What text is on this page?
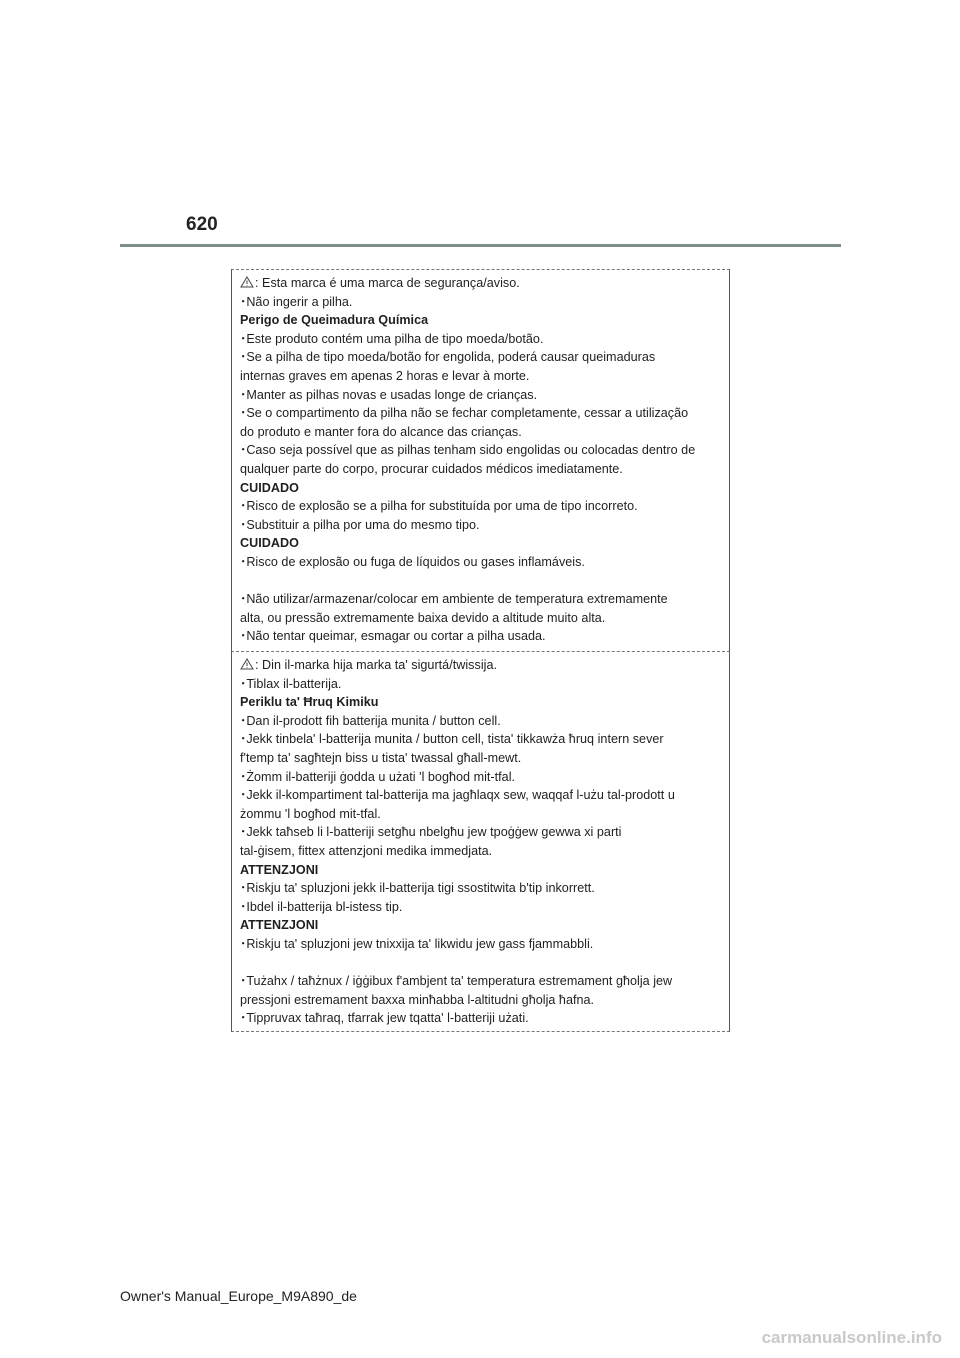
620
: Esta marca é uma marca de segurança/aviso.
･Não ingerir a pilha.
Perigo de Queimadura Química
･Este produto contém uma pilha de tipo moeda/botão.
･Se a pilha de tipo moeda/botão for engolida, poderá causar queimaduras
internas graves em apenas 2 horas e levar à morte.
･Manter as pilhas novas e usadas longe de crianças.
･Se o compartimento da pilha não se fechar completamente, cessar a utilização
do produto e manter fora do alcance das crianças.
･Caso seja possível que as pilhas tenham sido engolidas ou colocadas dentro de
qualquer parte do corpo, procurar cuidados médicos imediatamente.
CUIDADO
･Risco de explosão se a pilha for substituída por uma de tipo incorreto.
･Substituir a pilha por uma do mesmo tipo.
CUIDADO
･Risco de explosão ou fuga de líquidos ou gases inflamáveis.
･Não utilizar/armazenar/colocar em ambiente de temperatura extremamente
alta, ou pressão extremamente baixa devido a altitude muito alta.
･Não tentar queimar, esmagar ou cortar a pilha usada.
: Din il-marka hija marka ta' sigurtá/twissija.
･Tiblax il-batterija.
Periklu ta' Ħruq Kimiku
･Dan il-prodott fih batterija munita / button cell.
･Jekk tinbela' l-batterija munita / button cell, tista' tikkawża ħruq intern sever
f'temp ta' sagħtejn biss u tista' twassal għall-mewt.
･Żomm il-batteriji ġodda u użati 'l bogħod mit-tfal.
･Jekk il-kompartiment tal-batterija ma jagħlaqx sew, waqqaf l-użu tal-prodott u
żommu 'l bogħod mit-tfal.
･Jekk taħseb li l-batteriji setgħu nbelgħu jew tpoġġew gewwa xi parti
tal-ġisem, fittex attenzjoni medika immedjata.
ATTENZJONI
･Riskju ta' spluzjoni jekk il-batterija tigi ssostitwita b'tip inkorrett.
･Ibdel il-batterija bl-istess tip.
ATTENZJONI
･Riskju ta' spluzjoni jew tnixxija ta' likwidu jew gass fjammabbli.
･Tużahx / taħżnux / iġġibux f'ambjent ta' temperatura estremament għolja jew
pressjoni estremament baxxa minħabba l-altitudni għolja ħafna.
･Tippruvax taħraq, tfarrak jew tqatta' l-batteriji użati.
Owner's Manual_Europe_M9A890_de
carmanualsonline.info
